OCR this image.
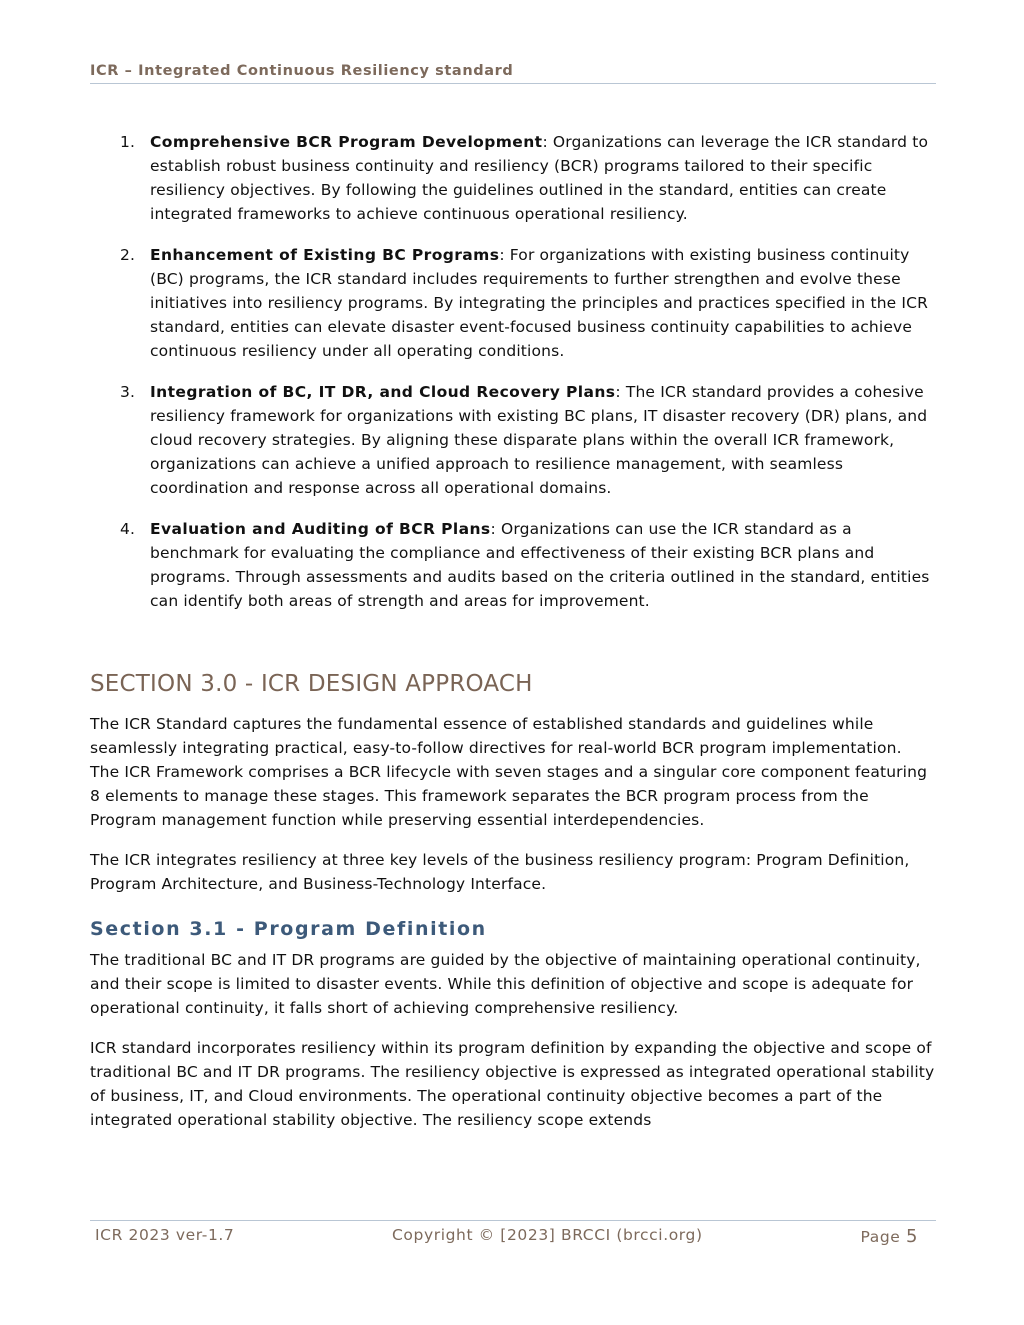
ICR – Integrated Continuous Resiliency standard
1. Comprehensive BCR Program Development: Organizations can leverage the ICR standard to establish robust business continuity and resiliency (BCR) programs tailored to their specific resiliency objectives. By following the guidelines outlined in the standard, entities can create integrated frameworks to achieve continuous operational resiliency.
2. Enhancement of Existing BC Programs: For organizations with existing business continuity (BC) programs, the ICR standard includes requirements to further strengthen and evolve these initiatives into resiliency programs. By integrating the principles and practices specified in the ICR standard, entities can elevate disaster event-focused business continuity capabilities to achieve continuous resiliency under all operating conditions.
3. Integration of BC, IT DR, and Cloud Recovery Plans: The ICR standard provides a cohesive resiliency framework for organizations with existing BC plans, IT disaster recovery (DR) plans, and cloud recovery strategies. By aligning these disparate plans within the overall ICR framework, organizations can achieve a unified approach to resilience management, with seamless coordination and response across all operational domains.
4. Evaluation and Auditing of BCR Plans: Organizations can use the ICR standard as a benchmark for evaluating the compliance and effectiveness of their existing BCR plans and programs. Through assessments and audits based on the criteria outlined in the standard, entities can identify both areas of strength and areas for improvement.
SECTION 3.0 - ICR DESIGN APPROACH

The ICR Standard captures the fundamental essence of established standards and guidelines while seamlessly integrating practical, easy-to-follow directives for real-world BCR program implementation. The ICR Framework comprises a BCR lifecycle with seven stages and a singular core component featuring 8 elements to manage these stages. This framework separates the BCR program process from the Program management function while preserving essential interdependencies.

The ICR integrates resiliency at three key levels of the business resiliency program: Program Definition, Program Architecture, and Business-Technology Interface.

Section 3.1 - Program Definition

The traditional BC and IT DR programs are guided by the objective of maintaining operational continuity, and their scope is limited to disaster events. While this definition of objective and scope is adequate for operational continuity, it falls short of achieving comprehensive resiliency.

ICR standard incorporates resiliency within its program definition by expanding the objective and scope of traditional BC and IT DR programs. The resiliency objective is expressed as integrated operational stability of business, IT, and Cloud environments. The operational continuity objective becomes a part of the integrated operational stability objective. The resiliency scope extends

ICR 2023 ver-1.7	Copyright © [2023] BRCCI (brcci.org)	Page 5
